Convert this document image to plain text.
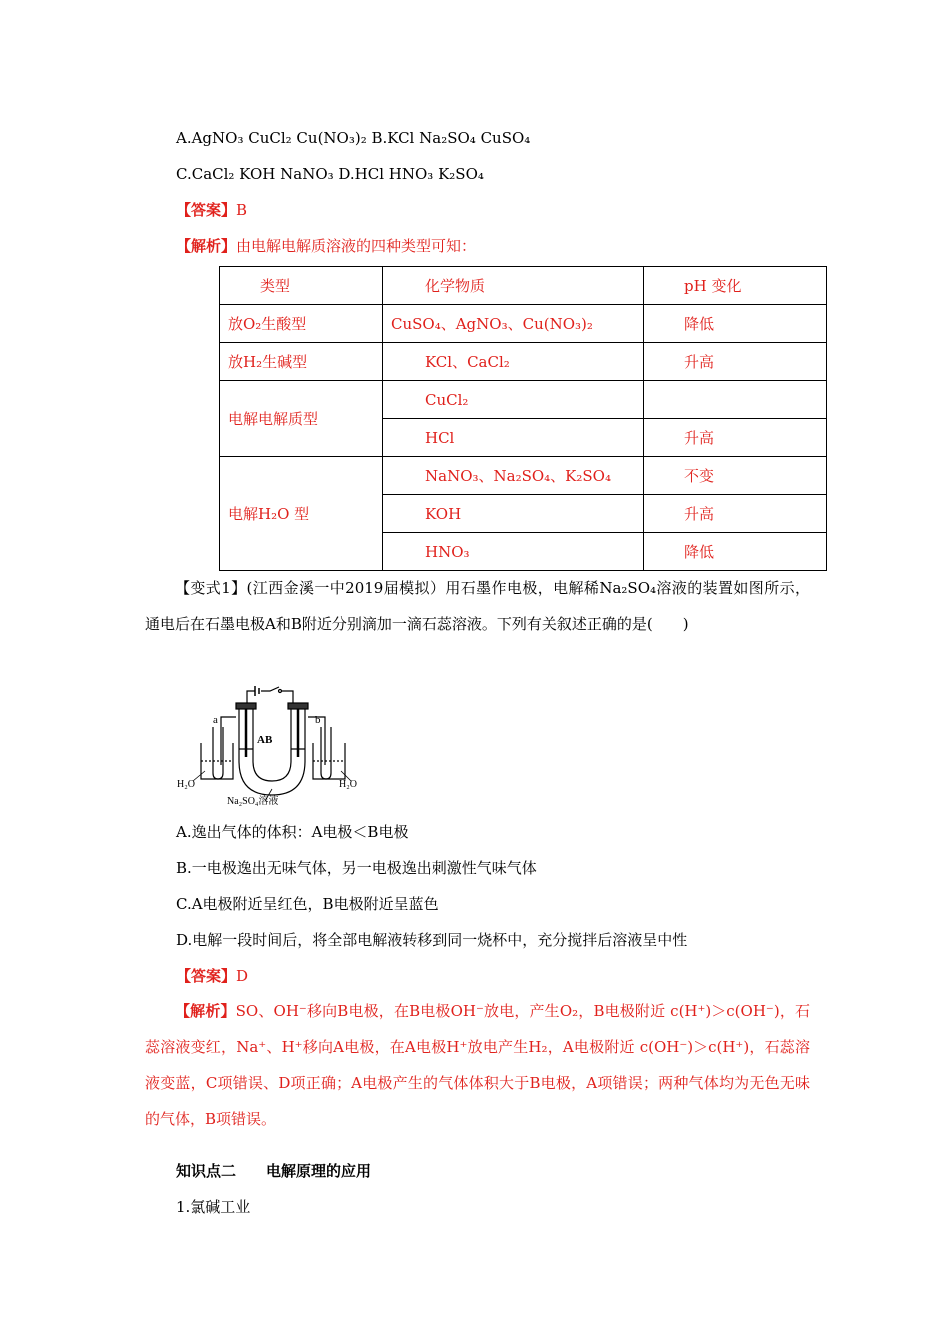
A.AgNO₃ CuCl₂ Cu(NO₃)₂ B.KCl Na₂SO₄ CuSO₄
C.CaCl₂ KOH NaNO₃ D.HCl HNO₃ K₂SO₄
【答案】B
【解析】由电解电解质溶液的四种类型可知：
类型	化学物质	pH 变化
放O₂生酸型	CuSO₄、AgNO₃、Cu(NO₃)₂	降低
放H₂生碱型	KCl、CaCl₂	升高
电解电解质型	CuCl₂	
	HCl	升高
电解H₂O 型	NaNO₃、Na₂SO₄、K₂SO₄	不变
	KOH	升高
	HNO₃	降低
【变式1】(江西金溪一中2019届模拟）用石墨作电极，电解稀Na₂SO₄溶液的装置如图所示，通电后在石墨电极A和B附近分别滴加一滴石蕊溶液。下列有关叙述正确的是(　　)
a	b
AB
H₂O	H₂O
Na₂SO₄溶液
A.逸出气体的体积：A电极＜B电极
B.一电极逸出无味气体，另一电极逸出刺激性气味气体
C.A电极附近呈红色，B电极附近呈蓝色
D.电解一段时间后，将全部电解液转移到同一烧杯中，充分搅拌后溶液呈中性
【答案】D
【解析】SO、OH⁻移向B电极，在B电极OH⁻放电，产生O₂，B电极附近 c(H⁺)＞c(OH⁻)，石蕊溶液变红，Na⁺、H⁺移向A电极，在A电极H⁺放电产生H₂，A电极附近 c(OH⁻)＞c(H⁺)，石蕊溶液变蓝，C项错误、D项正确；A电极产生的气体体积大于B电极，A项错误；两种气体均为无色无味的气体，B项错误。
知识点二　　电解原理的应用
1.氯碱工业
